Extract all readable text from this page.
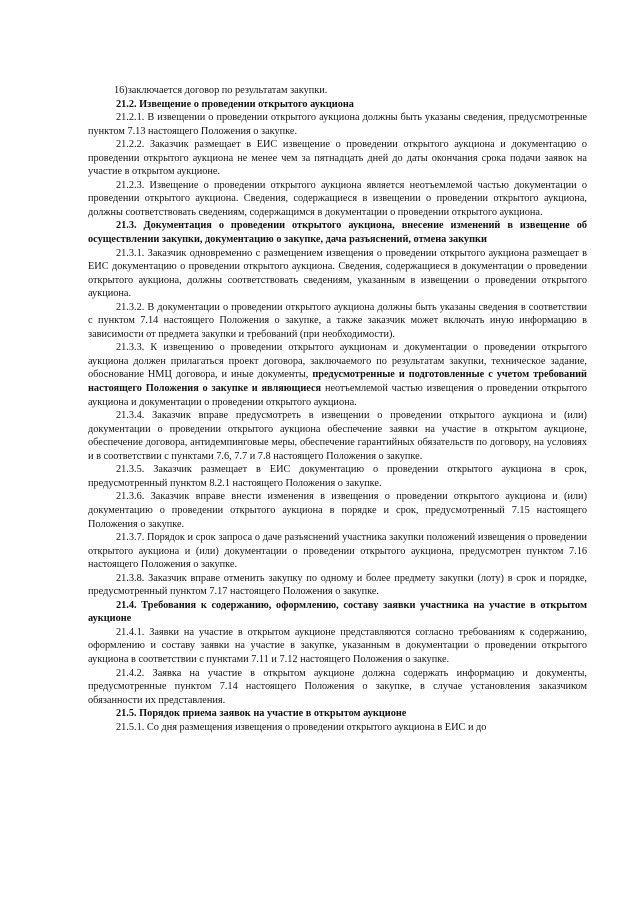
16)заключается договор по результатам закупки.

21.2. Извещение о проведении открытого аукциона

21.2.1. В извещении о проведении открытого аукциона должны быть указаны сведения, предусмотренные пунктом 7.13 настоящего Положения о закупке.

21.2.2. Заказчик размещает в ЕИС извещение о проведении открытого аукциона и документацию о проведении открытого аукциона не менее чем за пятнадцать дней до даты окончания срока подачи заявок на участие в открытом аукционе.

21.2.3. Извещение о проведении открытого аукциона является неотъемлемой частью документации о проведении открытого аукциона. Сведения, содержащиеся в извещении о проведении открытого аукциона, должны соответствовать сведениям, содержащимся в документации о проведении открытого аукциона.

21.3. Документация о проведении открытого аукциона, внесение изменений в извещение об осуществлении закупки, документацию о закупке, дача разъяснений, отмена закупки

21.3.1. Заказчик одновременно с размещением извещения о проведении открытого аукциона размещает в ЕИС документацию о проведении открытого аукциона. Сведения, содержащиеся в документации о проведении открытого аукциона, должны соответствовать сведениям, указанным в извещении о проведении открытого аукциона.

21.3.2. В документации о проведении открытого аукциона должны быть указаны сведения в соответствии с пунктом 7.14 настоящего Положения о закупке, а также заказчик может включать иную информацию в зависимости от предмета закупки и требований (при необходимости).

21.3.3. К извещению о проведении открытого аукционам и документации о проведении открытого аукциона должен прилагаться проект договора, заключаемого по результатам закупки, техническое задание, обоснование НМЦ договора, и иные документы, предусмотренные и подготовленные с учетом требований настоящего Положения о закупке и являющиеся неотъемлемой частью извещения о проведении открытого аукциона и документации о проведении открытого аукциона.

21.3.4. Заказчик вправе предусмотреть в извещении о проведении открытого аукциона и (или) документации о проведении открытого аукциона обеспечение заявки на участие в открытом аукционе, обеспечение договора, антидемпинговые меры, обеспечение гарантийных обязательств по договору, на условиях и в соответствии с пунктами 7.6, 7.7 и 7.8 настоящего Положения о закупке.

21.3.5. Заказчик размещает в ЕИС документацию о проведении открытого аукциона в срок, предусмотренный пунктом 8.2.1 настоящего Положения о закупке.

21.3.6. Заказчик вправе внести изменения в извещения о проведении открытого аукциона и (или) документацию о проведении открытого аукциона в порядке и срок, предусмотренный 7.15 настоящего Положения о закупке.

21.3.7. Порядок и срок запроса о даче разъяснений участника закупки положений извещения о проведении открытого аукциона и (или) документации о проведении открытого аукциона, предусмотрен пунктом 7.16 настоящего Положения о закупке.

21.3.8. Заказчик вправе отменить закупку по одному и более предмету закупки (лоту) в срок и порядке, предусмотренный пунктом 7.17 настоящего Положения о закупке.

21.4. Требования к содержанию, оформлению, составу заявки участника на участие в открытом аукционе

21.4.1. Заявки на участие в открытом аукционе представляются согласно требованиям к содержанию, оформлению и составу заявки на участие в закупке, указанным в документации о проведении открытого аукциона в соответствии с пунктами 7.11 и 7.12 настоящего Положения о закупке.

21.4.2. Заявка на участие в открытом аукционе должна содержать информацию и документы, предусмотренные пунктом 7.14 настоящего Положения о закупке, в случае установления заказчиком обязанности их представления.

21.5. Порядок приема заявок на участие в открытом аукционе

21.5.1. Со дня размещения извещения о проведении открытого аукциона в ЕИС и до
